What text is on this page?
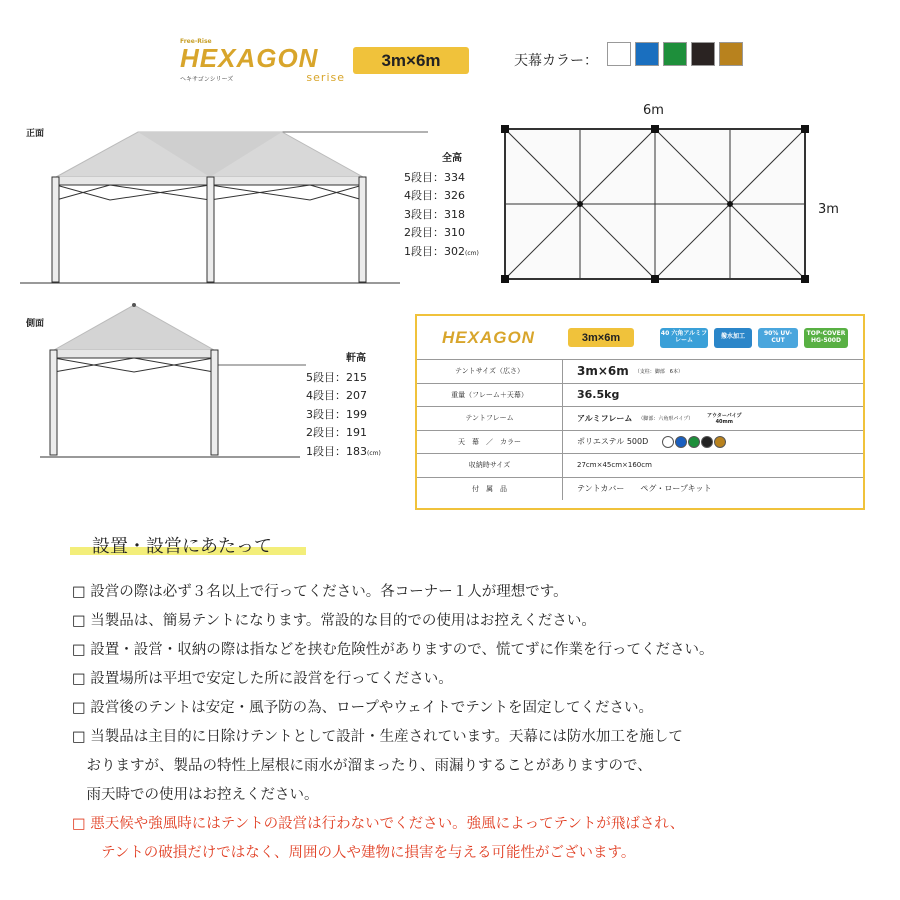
Free-Rise
HEXAGON
ヘキサゴンシリーズ	serise
3m×6m	天幕カラー：
正面
全高
5段目：334
4段目：326
3段目：318
2段目：310
1段目：302(cm)
6m
3m
側面
軒高
5段目：215
4段目：207
3段目：199
2段目：191
1段目：183(cm)
HEXAGON	3m×6m	40 六角アルミフレーム	撥水加工	90% UV-CUT
TOP-COVER HG-500D
テントサイズ（広さ）	3m×6m （支柱：脚部　6本）
重量（フレーム＋天幕）	36.5kg
テントフレーム	アルミフレーム （脚部：六角形パイプ）	アウターパイプ 40mm
天　幕　／　カラー	ポリエステル 500D
収納時サイズ	27cm×45cm×160cm
付　属　品	テントカバー　　ペグ・ロープキット
設置・設営にあたって
□ 設営の際は必ず３名以上で行ってください。各コーナー１人が理想です。
□ 当製品は、簡易テントになります。常設的な目的での使用はお控えください。
□ 設置・設営・収納の際は指などを挟む危険性がありますので、慌てずに作業を行ってください。
□ 設置場所は平坦で安定した所に設営を行ってください。
□ 設営後のテントは安定・風予防の為、ロープやウェイトでテントを固定してください。
□ 当製品は主目的に日除けテントとして設計・生産されています。天幕には防水加工を施して
　おりますが、製品の特性上屋根に雨水が溜まったり、雨漏りすることがありますので、
　雨天時での使用はお控えください。
□ 悪天候や強風時にはテントの設営は行わないでください。強風によってテントが飛ばされ、
　　テントの破損だけではなく、周囲の人や建物に損害を与える可能性がございます。
